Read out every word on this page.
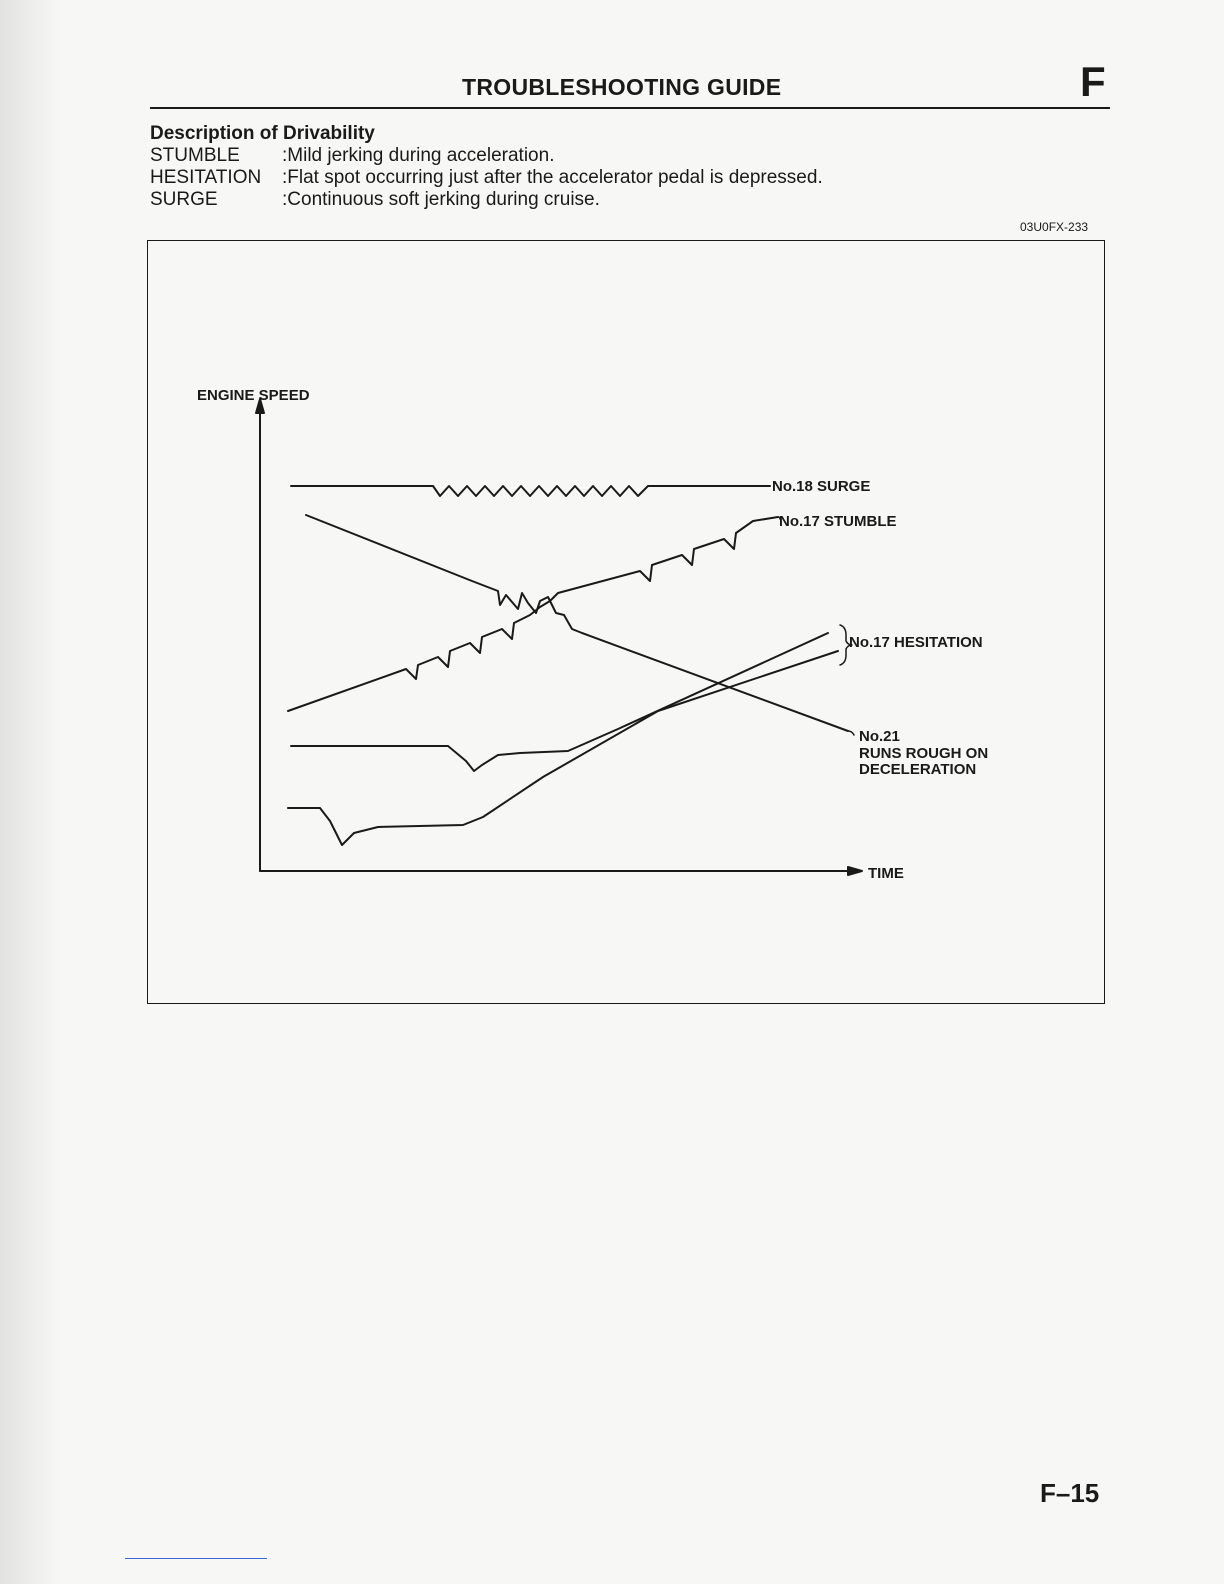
TROUBLESHOOTING GUIDE	F
Description of Drivability
STUMBLE	: Mild jerking during acceleration.
HESITATION	: Flat spot occurring just after the accelerator pedal is depressed.
SURGE	: Continuous soft jerking during cruise.
03U0FX-233
ENGINE SPEED
TIME
No.18 SURGE
No.17 STUMBLE
No.17 HESITATION
No.21
RUNS ROUGH ON
DECELERATION
F–15
